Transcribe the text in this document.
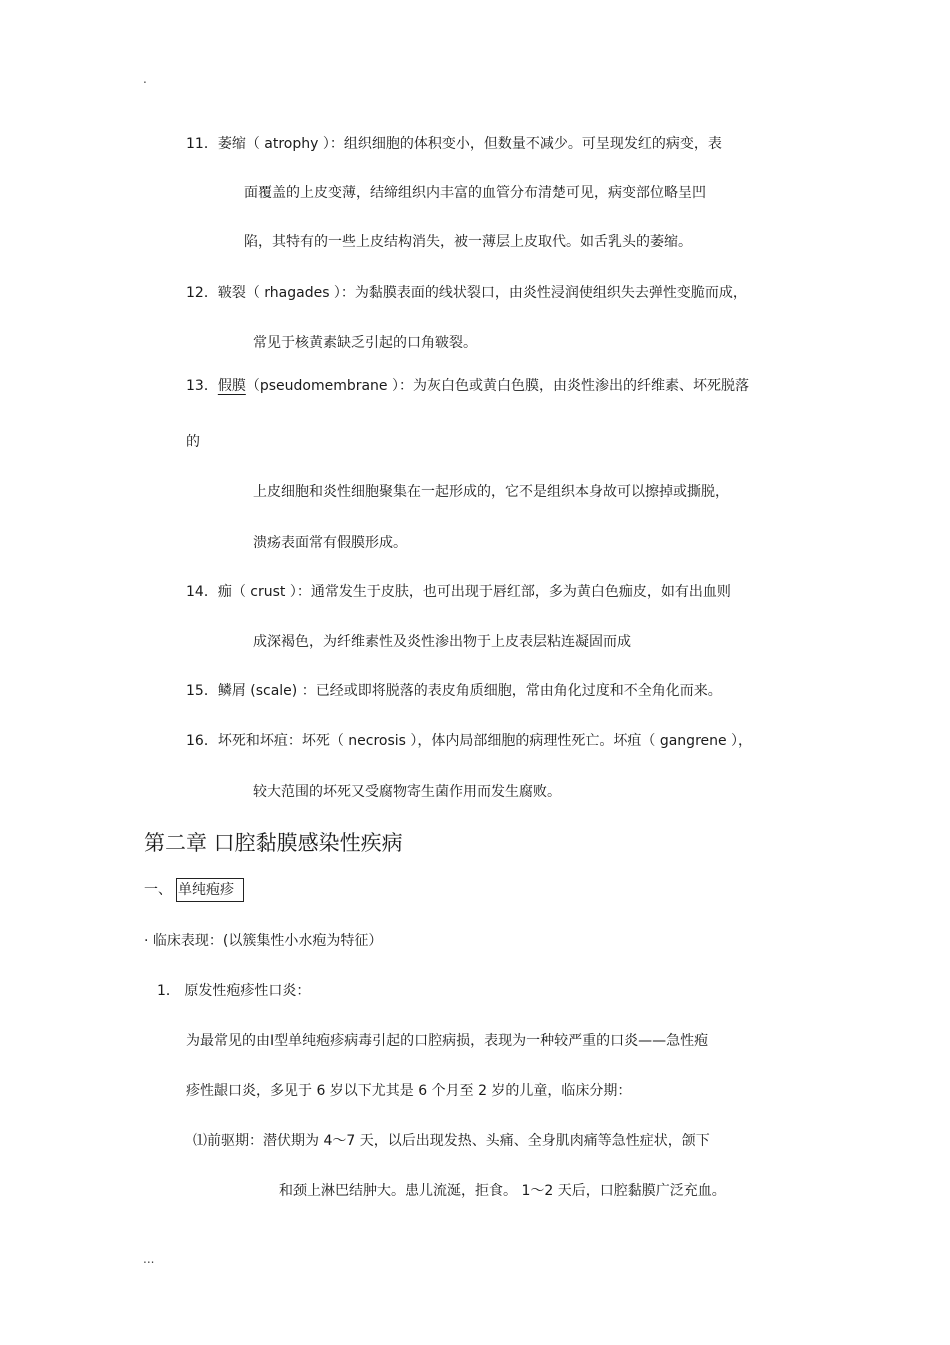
.
11．萎缩（ atrophy ）：组织细胞的体积变小，但数量不减少。可呈现发红的病变，表
面覆盖的上皮变薄，结缔组织内丰富的血管分布清楚可见，病变部位略呈凹
陷，其特有的一些上皮结构消失，被一薄层上皮取代。如舌乳头的萎缩。
12．皲裂（ rhagades ）：为黏膜表面的线状裂口，由炎性浸润使组织失去弹性变脆而成，
常见于核黄素缺乏引起的口角皲裂。
13．假膜（pseudomembrane ）：为灰白色或黄白色膜，由炎性渗出的纤维素、坏死脱落
的
上皮细胞和炎性细胞聚集在一起形成的，它不是组织本身故可以擦掉或撕脱，
溃疡表面常有假膜形成。
14．痂（ crust ）：通常发生于皮肤，也可出现于唇红部，多为黄白色痂皮，如有出血则
成深褐色，为纤维素性及炎性渗出物于上皮表层粘连凝固而成
15．鳞屑 (scale) ：已经或即将脱落的表皮角质细胞，常由角化过度和不全角化而来。
16．坏死和坏疽：坏死（ necrosis ），体内局部细胞的病理性死亡。坏疽（ gangrene ），
较大范围的坏死又受腐物寄生菌作用而发生腐败。
第二章 口腔黏膜感染性疾病
一、 单纯疱疹
· 临床表现：(以簇集性小水疱为特征）
1． 原发性疱疹性口炎：
为最常见的由Ⅰ型单纯疱疹病毒引起的口腔病损，表现为一种较严重的口炎——急性疱
疹性龈口炎，多见于 6 岁以下尤其是 6 个月至 2 岁的儿童，临床分期：
⑴前驱期：潜伏期为 4～7 天，以后出现发热、头痛、全身肌肉痛等急性症状，颌下
和颈上淋巴结肿大。患儿流涎，拒食。 1～2 天后，口腔黏膜广泛充血。
...
